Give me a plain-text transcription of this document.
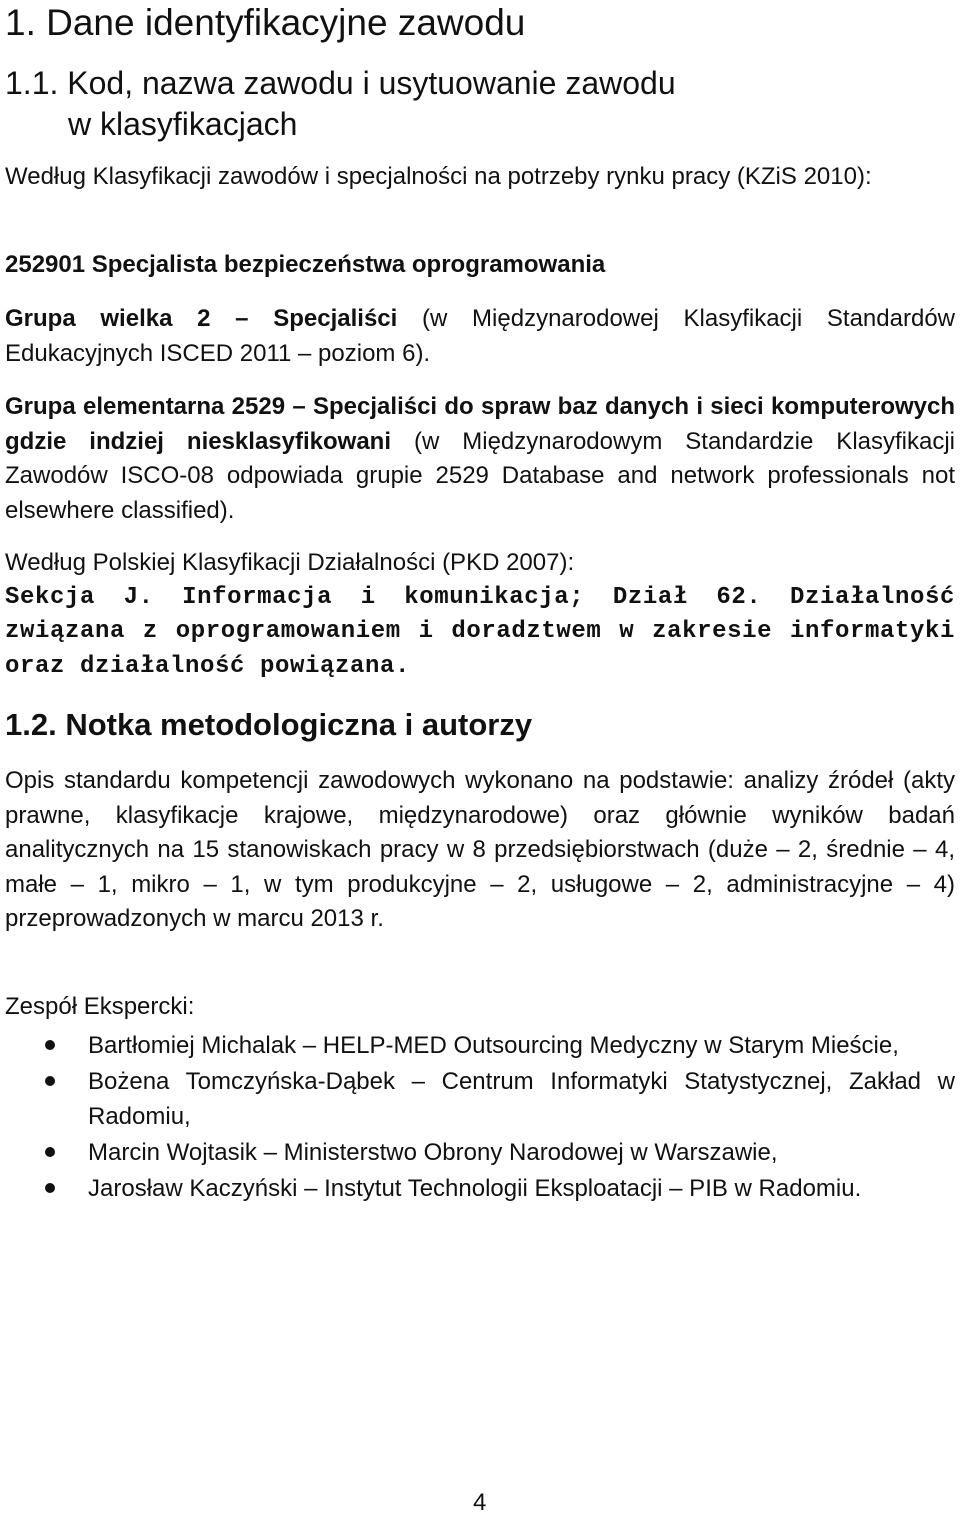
1. Dane identyfikacyjne zawodu
1.1. Kod, nazwa zawodu i usytuowanie zawodu
w klasyfikacjach

Według Klasyfikacji zawodów i specjalności na potrzeby rynku pracy (KZiS 2010):

252901 Specjalista bezpieczeństwa oprogramowania

Grupa wielka 2 – Specjaliści (w Międzynarodowej Klasyfikacji Standardów Edukacyjnych ISCED 2011 – poziom 6).

Grupa elementarna 2529 – Specjaliści do spraw baz danych i sieci komputerowych gdzie indziej niesklasyfikowani (w Międzynarodowym Standardzie Klasyfikacji Zawodów ISCO-08 odpowiada grupie 2529 Database and network professionals not elsewhere classified).

Według Polskiej Klasyfikacji Działalności (PKD 2007):

Sekcja J. Informacja i komunikacja; Dział 62. Działalność związana z oprogramowaniem i doradztwem w zakresie informatyki oraz działalność powiązana.

1.2. Notka metodologiczna i autorzy

Opis standardu kompetencji zawodowych wykonano na podstawie: analizy źródeł (akty prawne, klasyfikacje krajowe, międzynarodowe) oraz głównie wyników badań analitycznych na 15 stanowiskach pracy w 8 przedsiębiorstwach (duże – 2, średnie – 4, małe – 1, mikro – 1, w tym produkcyjne – 2, usługowe – 2, administracyjne – 4) przeprowadzonych w marcu 2013 r.

Zespół Ekspercki:

Bartłomiej Michalak – HELP-MED Outsourcing Medyczny w Starym Mieście,
Bożena Tomczyńska-Dąbek – Centrum Informatyki Statystycznej, Zakład w Radomiu,
Marcin Wojtasik – Ministerstwo Obrony Narodowej w Warszawie,
Jarosław Kaczyński – Instytut Technologii Eksploatacji – PIB w Radomiu.
4
